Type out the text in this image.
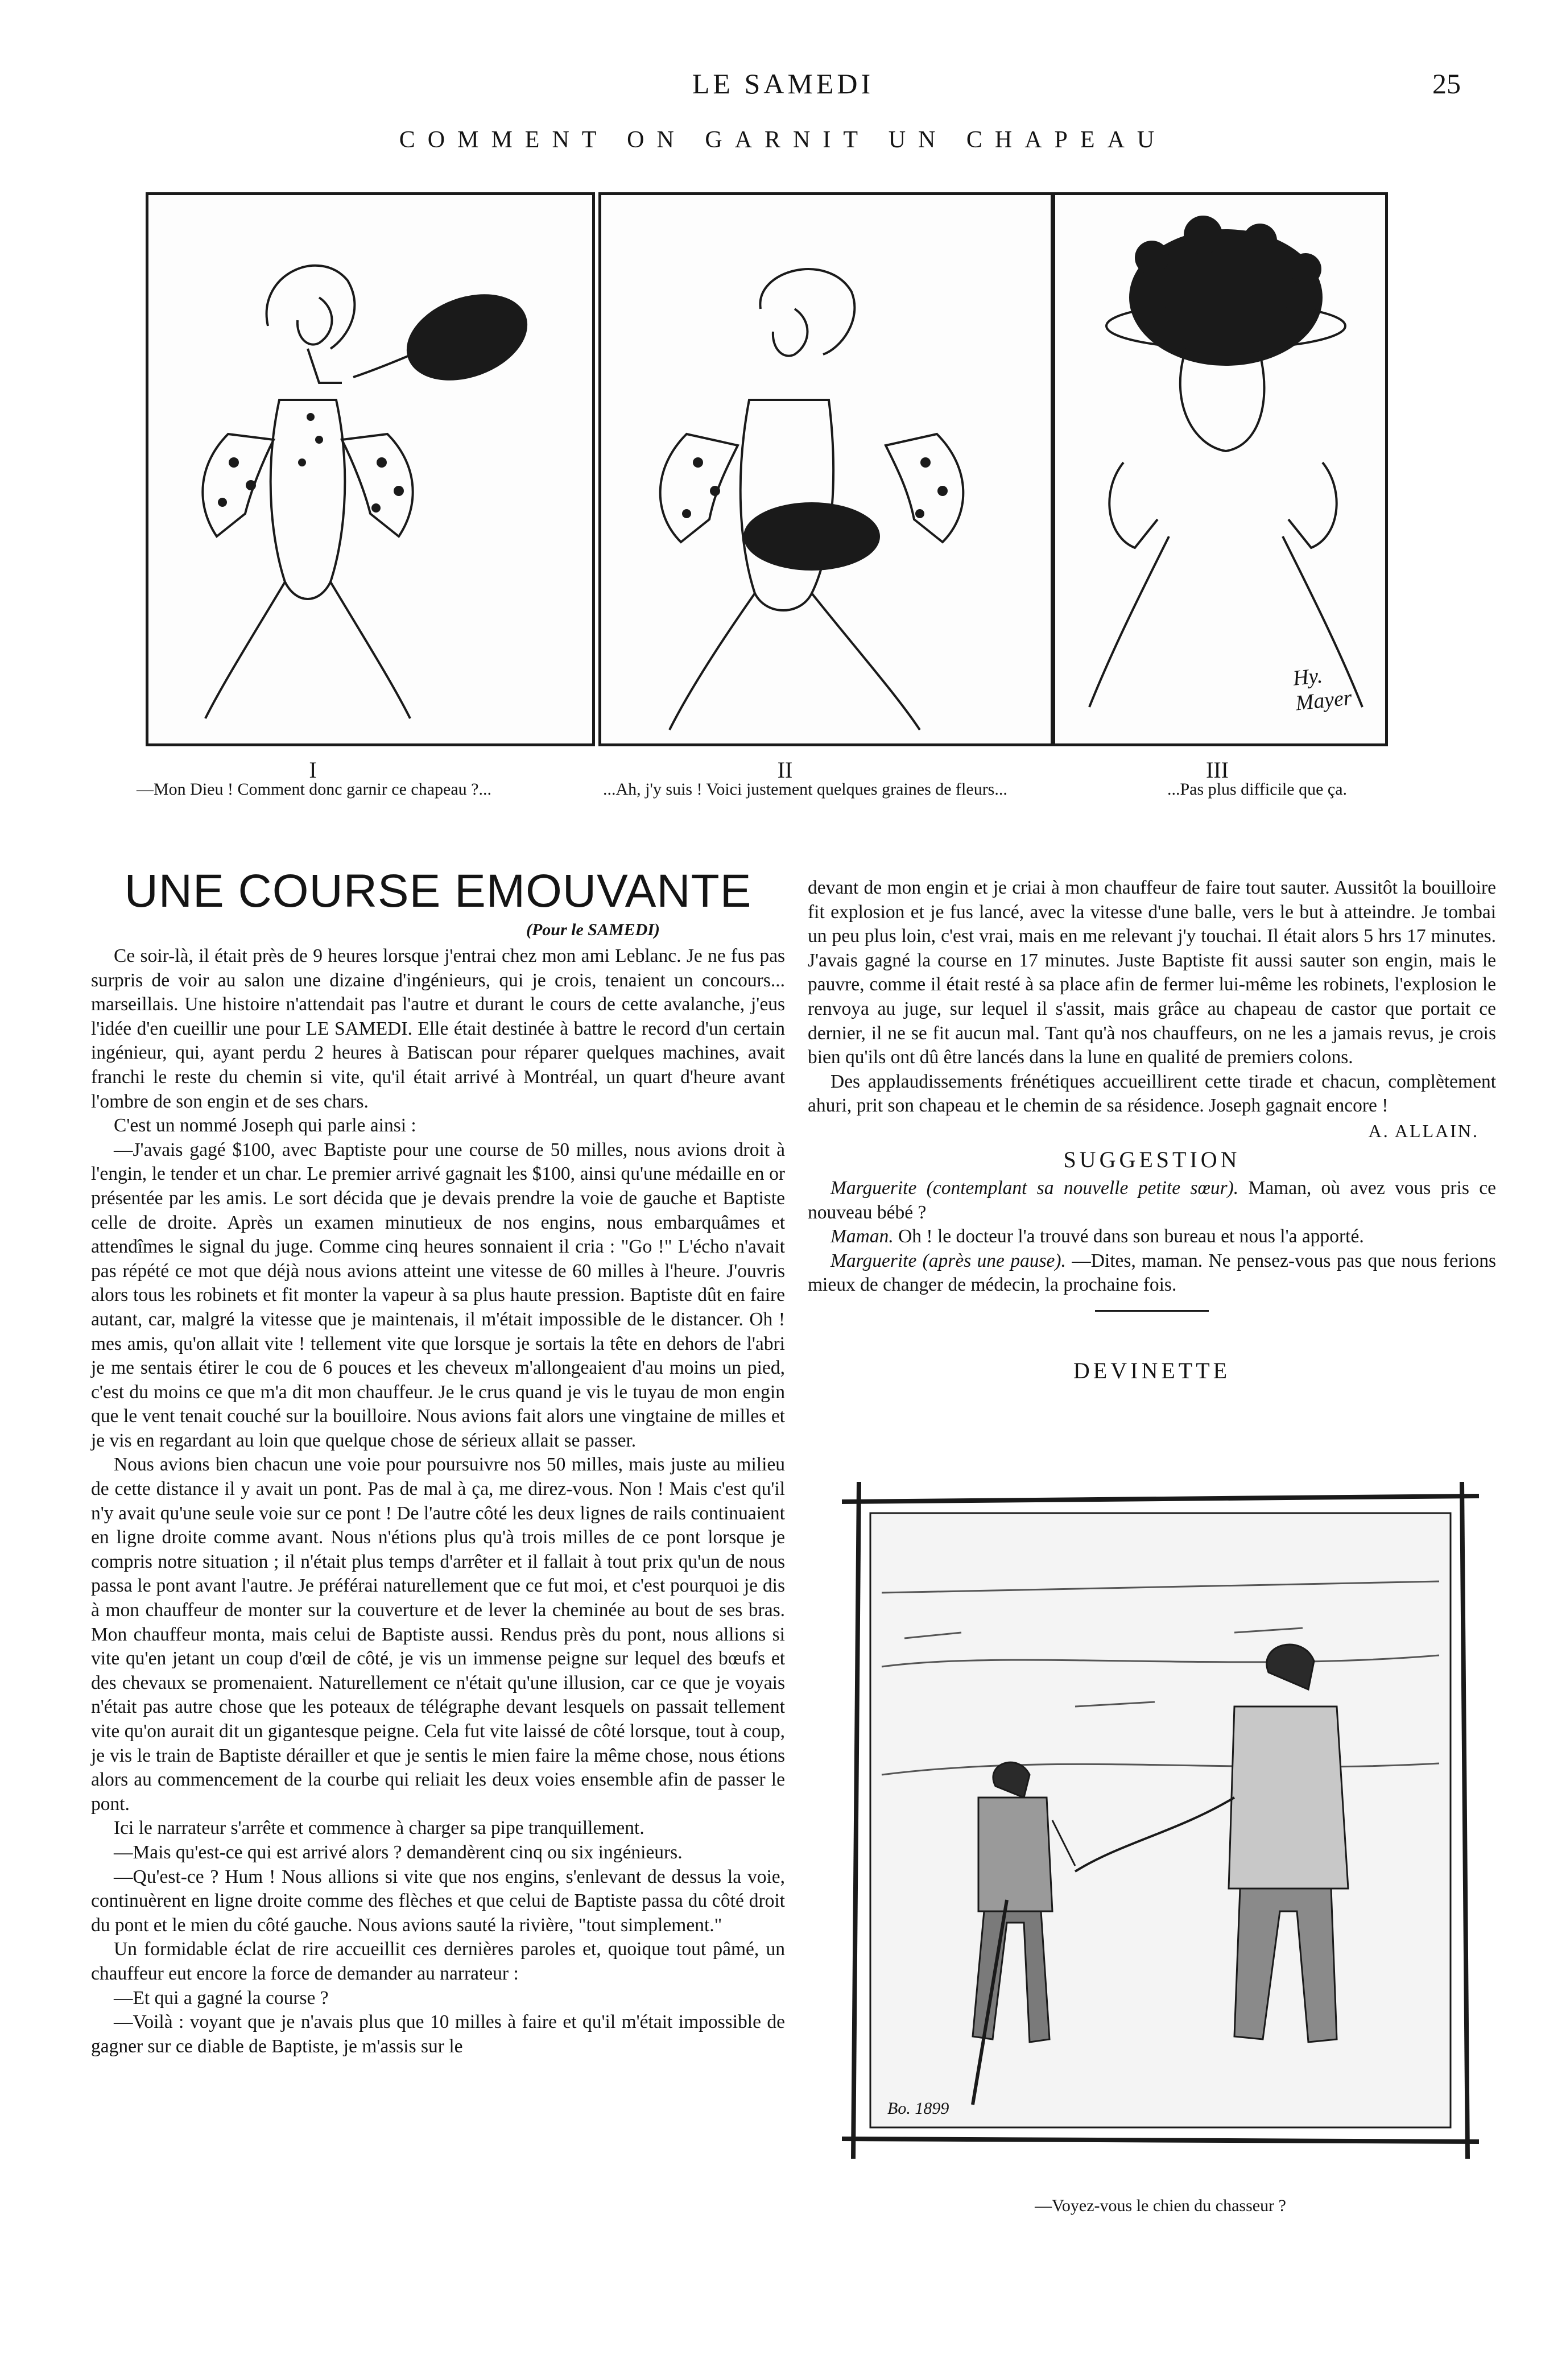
LE SAMEDI	25
COMMENT ON GARNIT UN CHAPEAU
Hy. Mayer
I	II	III
—Mon Dieu ! Comment donc garnir ce chapeau ?...	...Ah, j'y suis ! Voici justement quelques graines de fleurs...	...Pas plus difficile que ça.
UNE COURSE EMOUVANTE
(Pour le SAMEDI)

Ce soir-là, il était près de 9 heures lorsque j'entrai chez mon ami Leblanc. Je ne fus pas surpris de voir au salon une dizaine d'ingénieurs, qui je crois, tenaient un concours... marseillais. Une histoire n'attendait pas l'autre et durant le cours de cette avalanche, j'eus l'idée d'en cueillir une pour LE SAMEDI. Elle était destinée à battre le record d'un certain ingénieur, qui, ayant perdu 2 heures à Batiscan pour réparer quelques machines, avait franchi le reste du chemin si vite, qu'il était arrivé à Montréal, un quart d'heure avant l'ombre de son engin et de ses chars.

C'est un nommé Joseph qui parle ainsi :

—J'avais gagé $100, avec Baptiste pour une course de 50 milles, nous avions droit à l'engin, le tender et un char. Le premier arrivé gagnait les $100, ainsi qu'une médaille en or présentée par les amis. Le sort décida que je devais prendre la voie de gauche et Baptiste celle de droite. Après un examen minutieux de nos engins, nous embarquâmes et attendîmes le signal du juge. Comme cinq heures sonnaient il cria : "Go !" L'écho n'avait pas répété ce mot que déjà nous avions atteint une vitesse de 60 milles à l'heure. J'ouvris alors tous les robinets et fit monter la vapeur à sa plus haute pression. Baptiste dût en faire autant, car, malgré la vitesse que je maintenais, il m'était impossible de le distancer. Oh ! mes amis, qu'on allait vite ! tellement vite que lorsque je sortais la tête en dehors de l'abri je me sentais étirer le cou de 6 pouces et les cheveux m'allongeaient d'au moins un pied, c'est du moins ce que m'a dit mon chauffeur. Je le crus quand je vis le tuyau de mon engin que le vent tenait couché sur la bouilloire. Nous avions fait alors une vingtaine de milles et je vis en regardant au loin que quelque chose de sérieux allait se passer.

Nous avions bien chacun une voie pour poursuivre nos 50 milles, mais juste au milieu de cette distance il y avait un pont. Pas de mal à ça, me direz-vous. Non ! Mais c'est qu'il n'y avait qu'une seule voie sur ce pont ! De l'autre côté les deux lignes de rails continuaient en ligne droite comme avant. Nous n'étions plus qu'à trois milles de ce pont lorsque je compris notre situation ; il n'était plus temps d'arrêter et il fallait à tout prix qu'un de nous passa le pont avant l'autre. Je préférai naturellement que ce fut moi, et c'est pourquoi je dis à mon chauffeur de monter sur la couverture et de lever la cheminée au bout de ses bras. Mon chauffeur monta, mais celui de Baptiste aussi. Rendus près du pont, nous allions si vite qu'en jetant un coup d'œil de côté, je vis un immense peigne sur lequel des bœufs et des chevaux se promenaient. Naturellement ce n'était qu'une illusion, car ce que je voyais n'était pas autre chose que les poteaux de télégraphe devant lesquels on passait tellement vite qu'on aurait dit un gigantesque peigne. Cela fut vite laissé de côté lorsque, tout à coup, je vis le train de Baptiste dérailler et que je sentis le mien faire la même chose, nous étions alors au commencement de la courbe qui reliait les deux voies ensemble afin de passer le pont.

Ici le narrateur s'arrête et commence à charger sa pipe tranquillement.

—Mais qu'est-ce qui est arrivé alors ? demandèrent cinq ou six ingénieurs.

—Qu'est-ce ? Hum ! Nous allions si vite que nos engins, s'enlevant de dessus la voie, continuèrent en ligne droite comme des flèches et que celui de Baptiste passa du côté droit du pont et le mien du côté gauche. Nous avions sauté la rivière, "tout simplement."

Un formidable éclat de rire accueillit ces dernières paroles et, quoique tout pâmé, un chauffeur eut encore la force de demander au narrateur :

—Et qui a gagné la course ?

—Voilà : voyant que je n'avais plus que 10 milles à faire et qu'il m'était impossible de gagner sur ce diable de Baptiste, je m'assis sur le

devant de mon engin et je criai à mon chauffeur de faire tout sauter. Aussitôt la bouilloire fit explosion et je fus lancé, avec la vitesse d'une balle, vers le but à atteindre. Je tombai un peu plus loin, c'est vrai, mais en me relevant j'y touchai. Il était alors 5 hrs 17 minutes. J'avais gagné la course en 17 minutes. Juste Baptiste fit aussi sauter son engin, mais le pauvre, comme il était resté à sa place afin de fermer lui-même les robinets, l'explosion le renvoya au juge, sur lequel il s'assit, mais grâce au chapeau de castor que portait ce dernier, il ne se fit aucun mal. Tant qu'à nos chauffeurs, on ne les a jamais revus, je crois bien qu'ils ont dû être lancés dans la lune en qualité de premiers colons.

Des applaudissements frénétiques accueillirent cette tirade et chacun, complètement ahuri, prit son chapeau et le chemin de sa résidence. Joseph gagnait encore !

A. ALLAIN.
SUGGESTION

Marguerite (contemplant sa nouvelle petite sœur). Maman, où avez vous pris ce nouveau bébé ?

Maman. Oh ! le docteur l'a trouvé dans son bureau et nous l'a apporté.

Marguerite (après une pause). —Dites, maman. Ne pensez-vous pas que nous ferions mieux de changer de médecin, la prochaine fois.

DEVINETTE
Bo. 1899
—Voyez-vous le chien du chasseur ?
